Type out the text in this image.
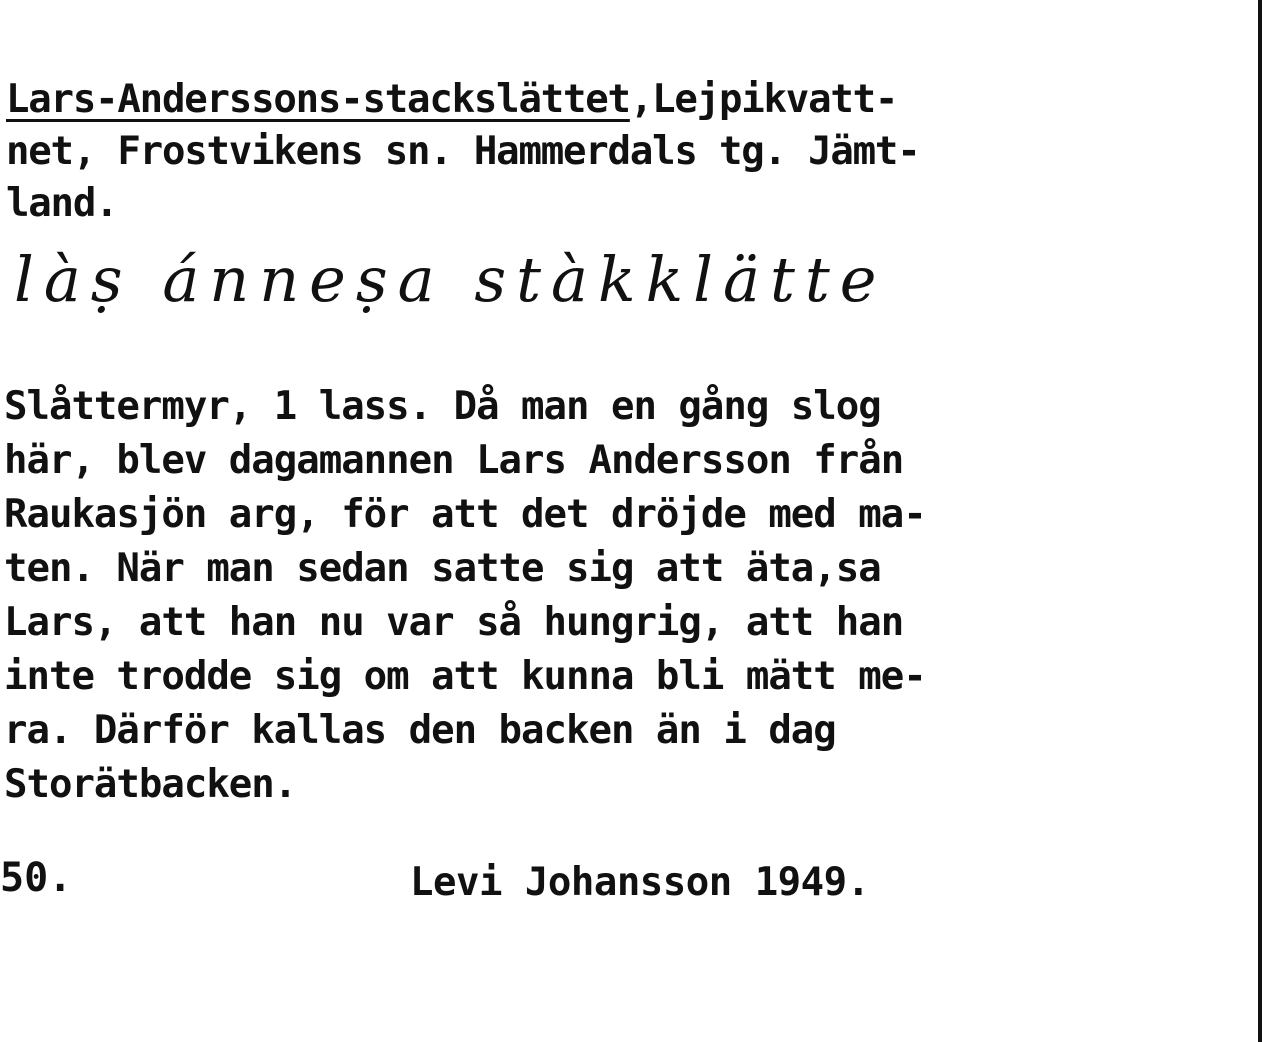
Lars-Anderssons-stackslättet,Lejpikvatt-
net, Frostvikens sn. Hammerdals tg. Jämt-
land.
làṣ ánneṣa stàkklätte
Slåttermyr, 1 lass. Då man en gång slog
här, blev dagamannen Lars Andersson från
Raukasjön arg, för att det dröjde med ma-
ten. När man sedan satte sig att äta,sa
Lars, att han nu var så hungrig, att han
inte trodde sig om att kunna bli mätt me-
ra. Därför kallas den backen än i dag
Storätbacken.
50.	Levi Johansson 1949.
